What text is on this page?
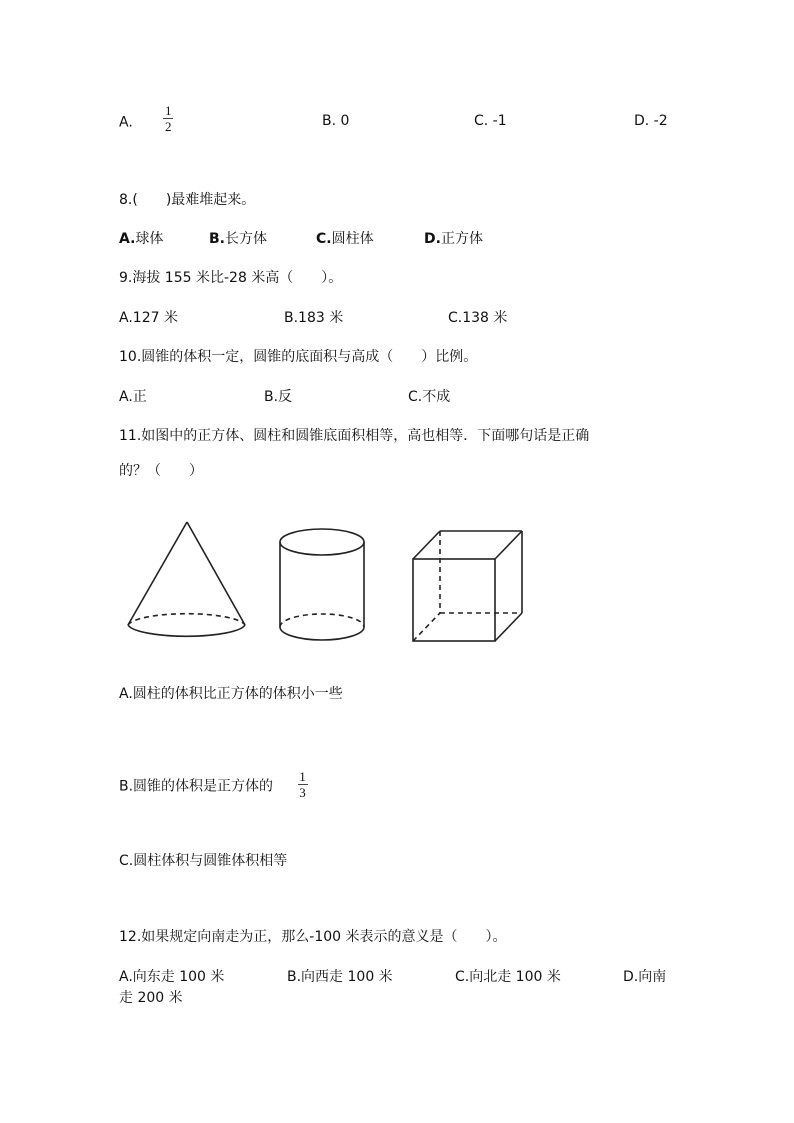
A. $\frac{1}{2}$	B. 0	C. -1	D. -2
8.(　　)最难堆起来。
A.球体	B.长方体	C.圆柱体	D.正方体
9.海拔 155 米比-28 米高（　　）。
A.127 米	B.183 米	C.138 米
10.圆锥的体积一定，圆锥的底面积与高成（　　）比例。
A.正	B.反	C.不成
11.如图中的正方体、圆柱和圆锥底面积相等，高也相等．下面哪句话是正确
的？（　　）
A.圆柱的体积比正方体的体积小一些
B.圆锥的体积是正方体的 $\frac{1}{3}$
C.圆柱体积与圆锥体积相等
12.如果规定向南走为正，那么-100 米表示的意义是（　　）。
A.向东走 100 米	B.向西走 100 米	C.向北走 100 米	D.向南
走 200 米
